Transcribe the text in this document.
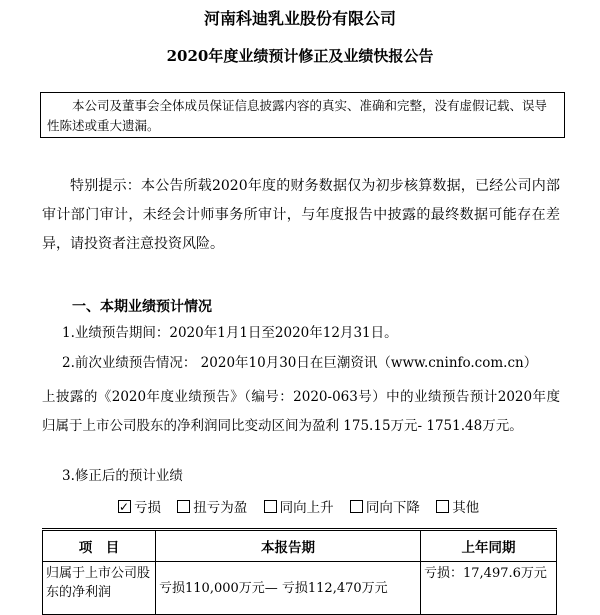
河南科迪乳业股份有限公司
2020年度业绩预计修正及业绩快报公告
本公司及董事会全体成员保证信息披露内容的真实、准确和完整，没有虚假记载、误导性陈述或重大遗漏。
特别提示：本公告所载2020年度的财务数据仅为初步核算数据，已经公司内部审计部门审计，未经会计师事务所审计，与年度报告中披露的最终数据可能存在差异，请投资者注意投资风险。
一、本期业绩预计情况
1.业绩预告期间：2020年1月1日至2020年12月31日。
2.前次业绩预告情况： 2020年10月30日在巨潮资讯（www.cninfo.com.cn）
上披露的《2020年度业绩预告》（编号：2020-063号）中的业绩预告预计2020年度归属于上市公司股东的净利润同比变动区间为盈利 175.15万元- 1751.48万元。
3.修正后的预计业绩
✓亏损 扭亏为盈 同向上升 同向下降 其他
项　目	本报告期	上年同期
归属于上市公司股东的净利润	亏损110,000万元— 亏损112,470万元	亏损：17,497.6万元
